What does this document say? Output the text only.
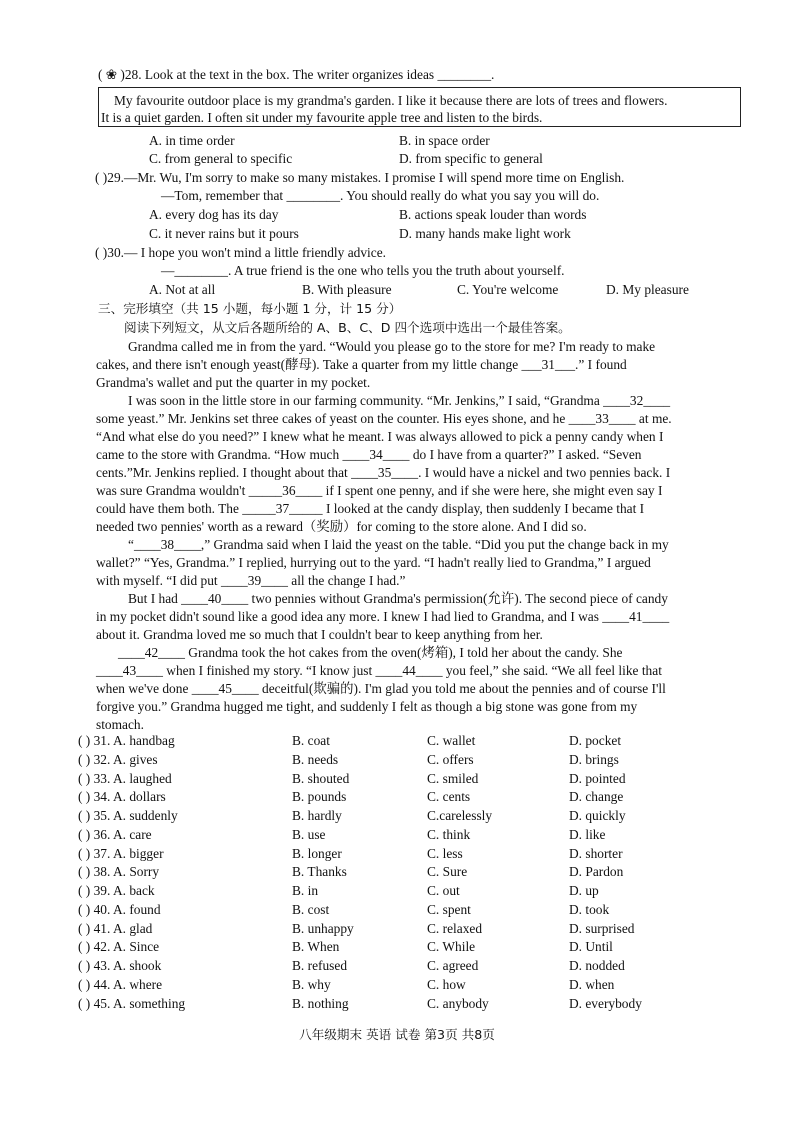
( ❀ )28. Look at the text in the box. The writer organizes ideas ________.
My favourite outdoor place is my grandma's garden. I like it because there are lots of trees and flowers.
It is a quiet garden. I often sit under my favourite apple tree and listen to the birds.
A. in time order	B. in space order
C. from general to specific	D. from specific to general
( )29.—Mr. Wu, I'm sorry to make so many mistakes. I promise I will spend more time on English.
—Tom, remember that ________. You should really do what you say you will do.
A. every dog has its day	B. actions speak louder than words
C. it never rains but it pours	D. many hands make light work
( )30.— I hope you won't mind a little friendly advice.
—________. A true friend is the one who tells you the truth about yourself.
A. Not at all	B. With pleasure	C. You're welcome	D. My pleasure
三、完形填空（共 15 小题，每小题 1 分，计 15 分）
阅读下列短文，从文后各题所给的 A、B、C、D 四个选项中选出一个最佳答案。
Grandma called me in from the yard. “Would you please go to the store for me? I'm ready to make
cakes, and there isn't enough yeast(酵母). Take a quarter from my little change ___31___.” I found
Grandma's wallet and put the quarter in my pocket.
I was soon in the little store in our farming community. “Mr. Jenkins,” I said, “Grandma ____32____
some yeast.” Mr. Jenkins set three cakes of yeast on the counter. His eyes shone, and he ____33____ at me.
“And what else do you need?” I knew what he meant. I was always allowed to pick a penny candy when I
came to the store with Grandma. “How much ____34____ do I have from a quarter?” I asked. “Seven
cents.”Mr. Jenkins replied. I thought about that ____35____. I would have a nickel and two pennies back. I
was sure Grandma wouldn't _____36____ if I spent one penny, and if she were here, she might even say I
could have them both. The _____37_____ I looked at the candy display, then suddenly I became that I
needed two pennies' worth as a reward（奖励）for coming to the store alone. And I did so.
“____38____,” Grandma said when I laid the yeast on the table. “Did you put the change back in my
wallet?” “Yes, Grandma.” I replied, hurrying out to the yard. “I hadn't really lied to Grandma,” I argued
with myself. “I did put ____39____ all the change I had.”
But I had ____40____ two pennies without Grandma's permission(允许). The second piece of candy
in my pocket didn't sound like a good idea any more. I knew I had lied to Grandma, and I was ____41____
about it. Grandma loved me so much that I couldn't bear to keep anything from her.
____42____ Grandma took the hot cakes from the oven(烤箱), I told her about the candy. She
____43____ when I finished my story. “I know just ____44____ you feel,” she said. “We all feel like that
when we've done ____45____ deceitful(欺骗的). I'm glad you told me about the pennies and of course I'll
forgive you.” Grandma hugged me tight, and suddenly I felt as though a big stone was gone from my
stomach.
( ) 31. A. handbag	B. coat	C. wallet	D. pocket
( ) 32. A. gives	B. needs	C. offers	D. brings
( ) 33. A. laughed	B. shouted	C. smiled	D. pointed
( ) 34. A. dollars	B. pounds	C. cents	D. change
( ) 35. A. suddenly	B. hardly	C.carelessly	D. quickly
( ) 36. A. care	B. use	C. think	D. like
( ) 37. A. bigger	B. longer	C. less	D. shorter
( ) 38. A. Sorry	B. Thanks	C. Sure	D. Pardon
( ) 39. A. back	B. in	C. out	D. up
( ) 40. A. found	B. cost	C. spent	D. took
( ) 41. A. glad	B. unhappy	C. relaxed	D. surprised
( ) 42. A. Since	B. When	C. While	D. Until
( ) 43. A. shook	B. refused	C. agreed	D. nodded
( ) 44. A. where	B. why	C. how	D. when
( ) 45. A. something	B. nothing	C. anybody	D. everybody
八年级期末 英语 试卷 第3页 共8页
